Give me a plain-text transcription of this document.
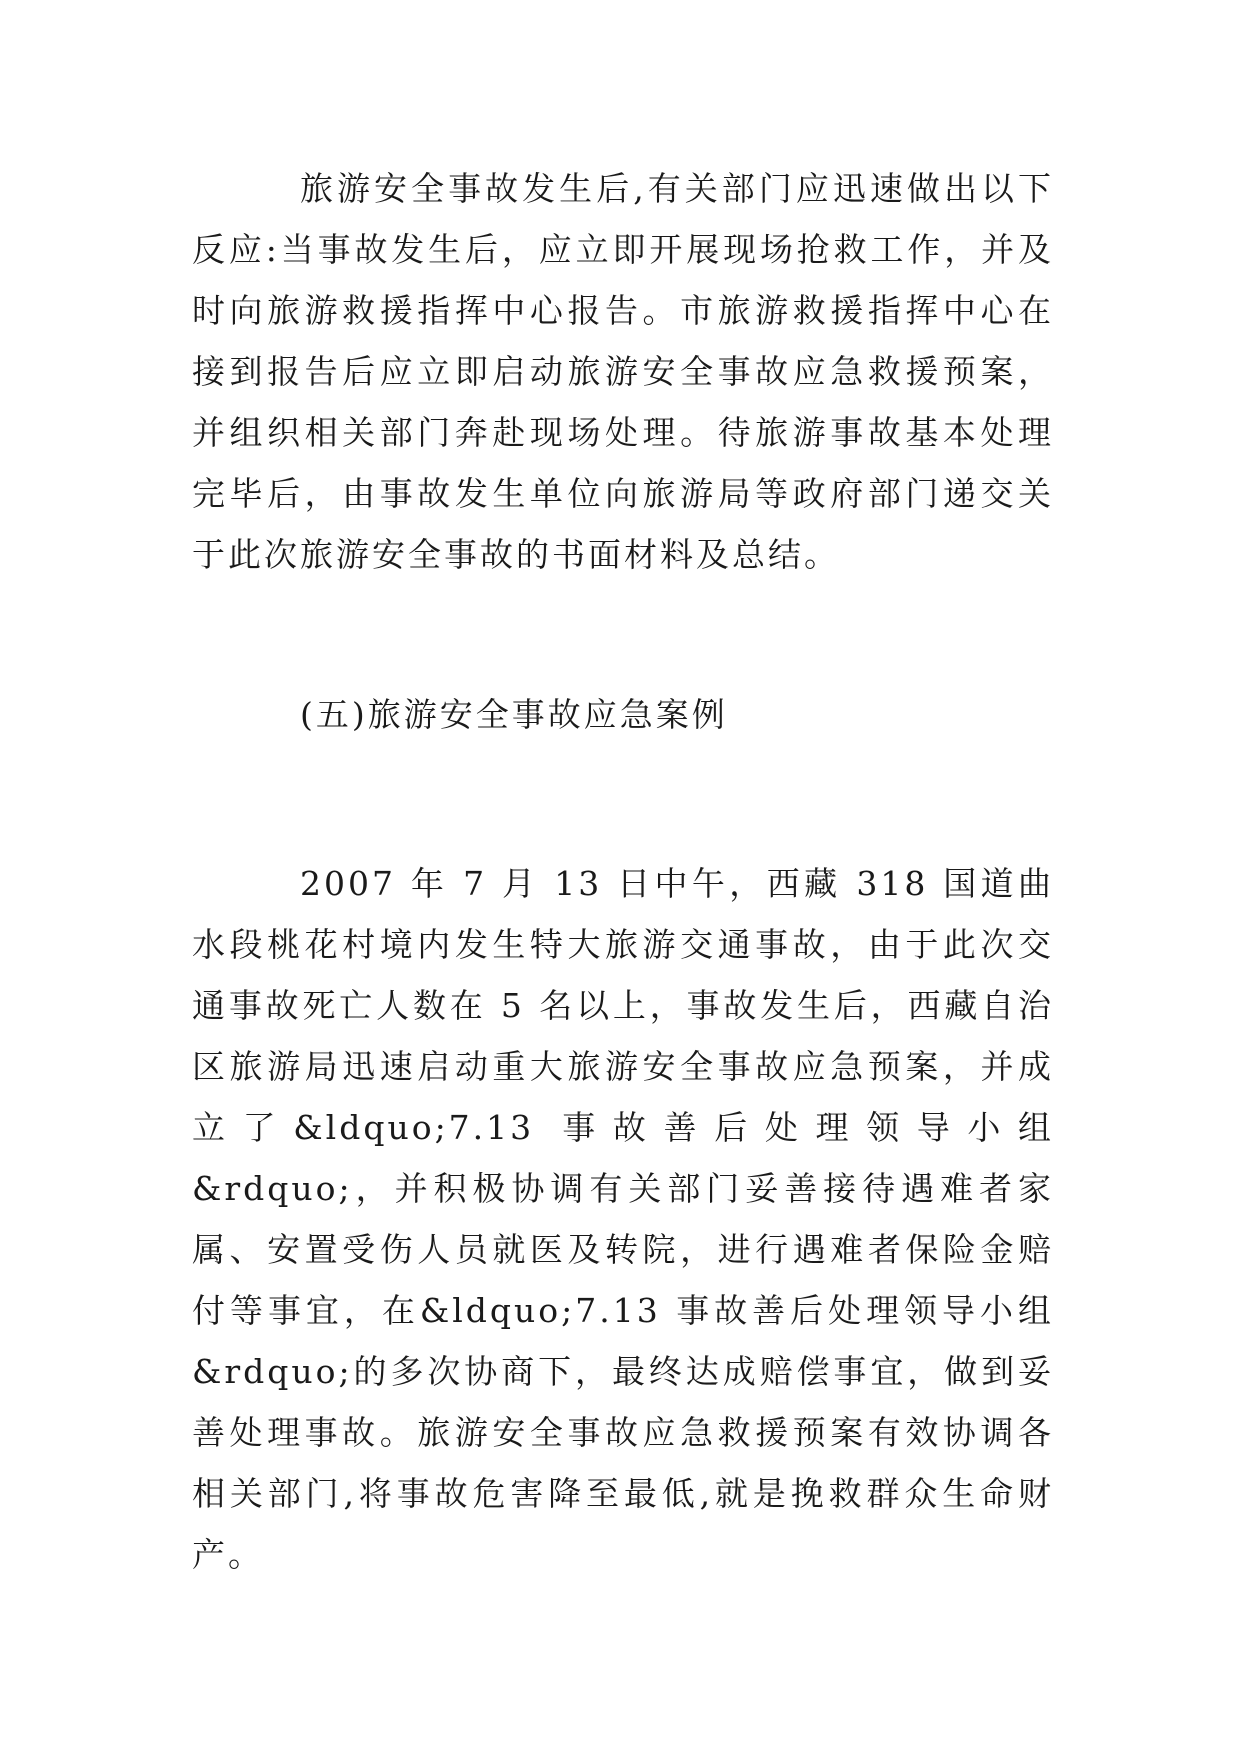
旅游安全事故发生后,有关部门应迅速做出以下反应:当事故发生后，应立即开展现场抢救工作，并及时向旅游救援指挥中心报告。市旅游救援指挥中心在接到报告后应立即启动旅游安全事故应急救援预案，并组织相关部门奔赴现场处理。待旅游事故基本处理完毕后，由事故发生单位向旅游局等政府部门递交关于此次旅游安全事故的书面材料及总结。

(五)旅游安全事故应急案例

2007 年 7 月 13 日中午，西藏 318 国道曲水段桃花村境内发生特大旅游交通事故，由于此次交通事故死亡人数在 5 名以上，事故发生后，西藏自治区旅游局迅速启动重大旅游安全事故应急预案，并成立了&ldquo;7.13 事故善后处理领导小组&rdquo;，并积极协调有关部门妥善接待遇难者家属、安置受伤人员就医及转院，进行遇难者保险金赔付等事宜，在&ldquo;7.13 事故善后处理领导小组&rdquo;的多次协商下，最终达成赔偿事宜，做到妥善处理事故。旅游安全事故应急救援预案有效协调各相关部门,将事故危害降至最低,就是挽救群众生命财产。
